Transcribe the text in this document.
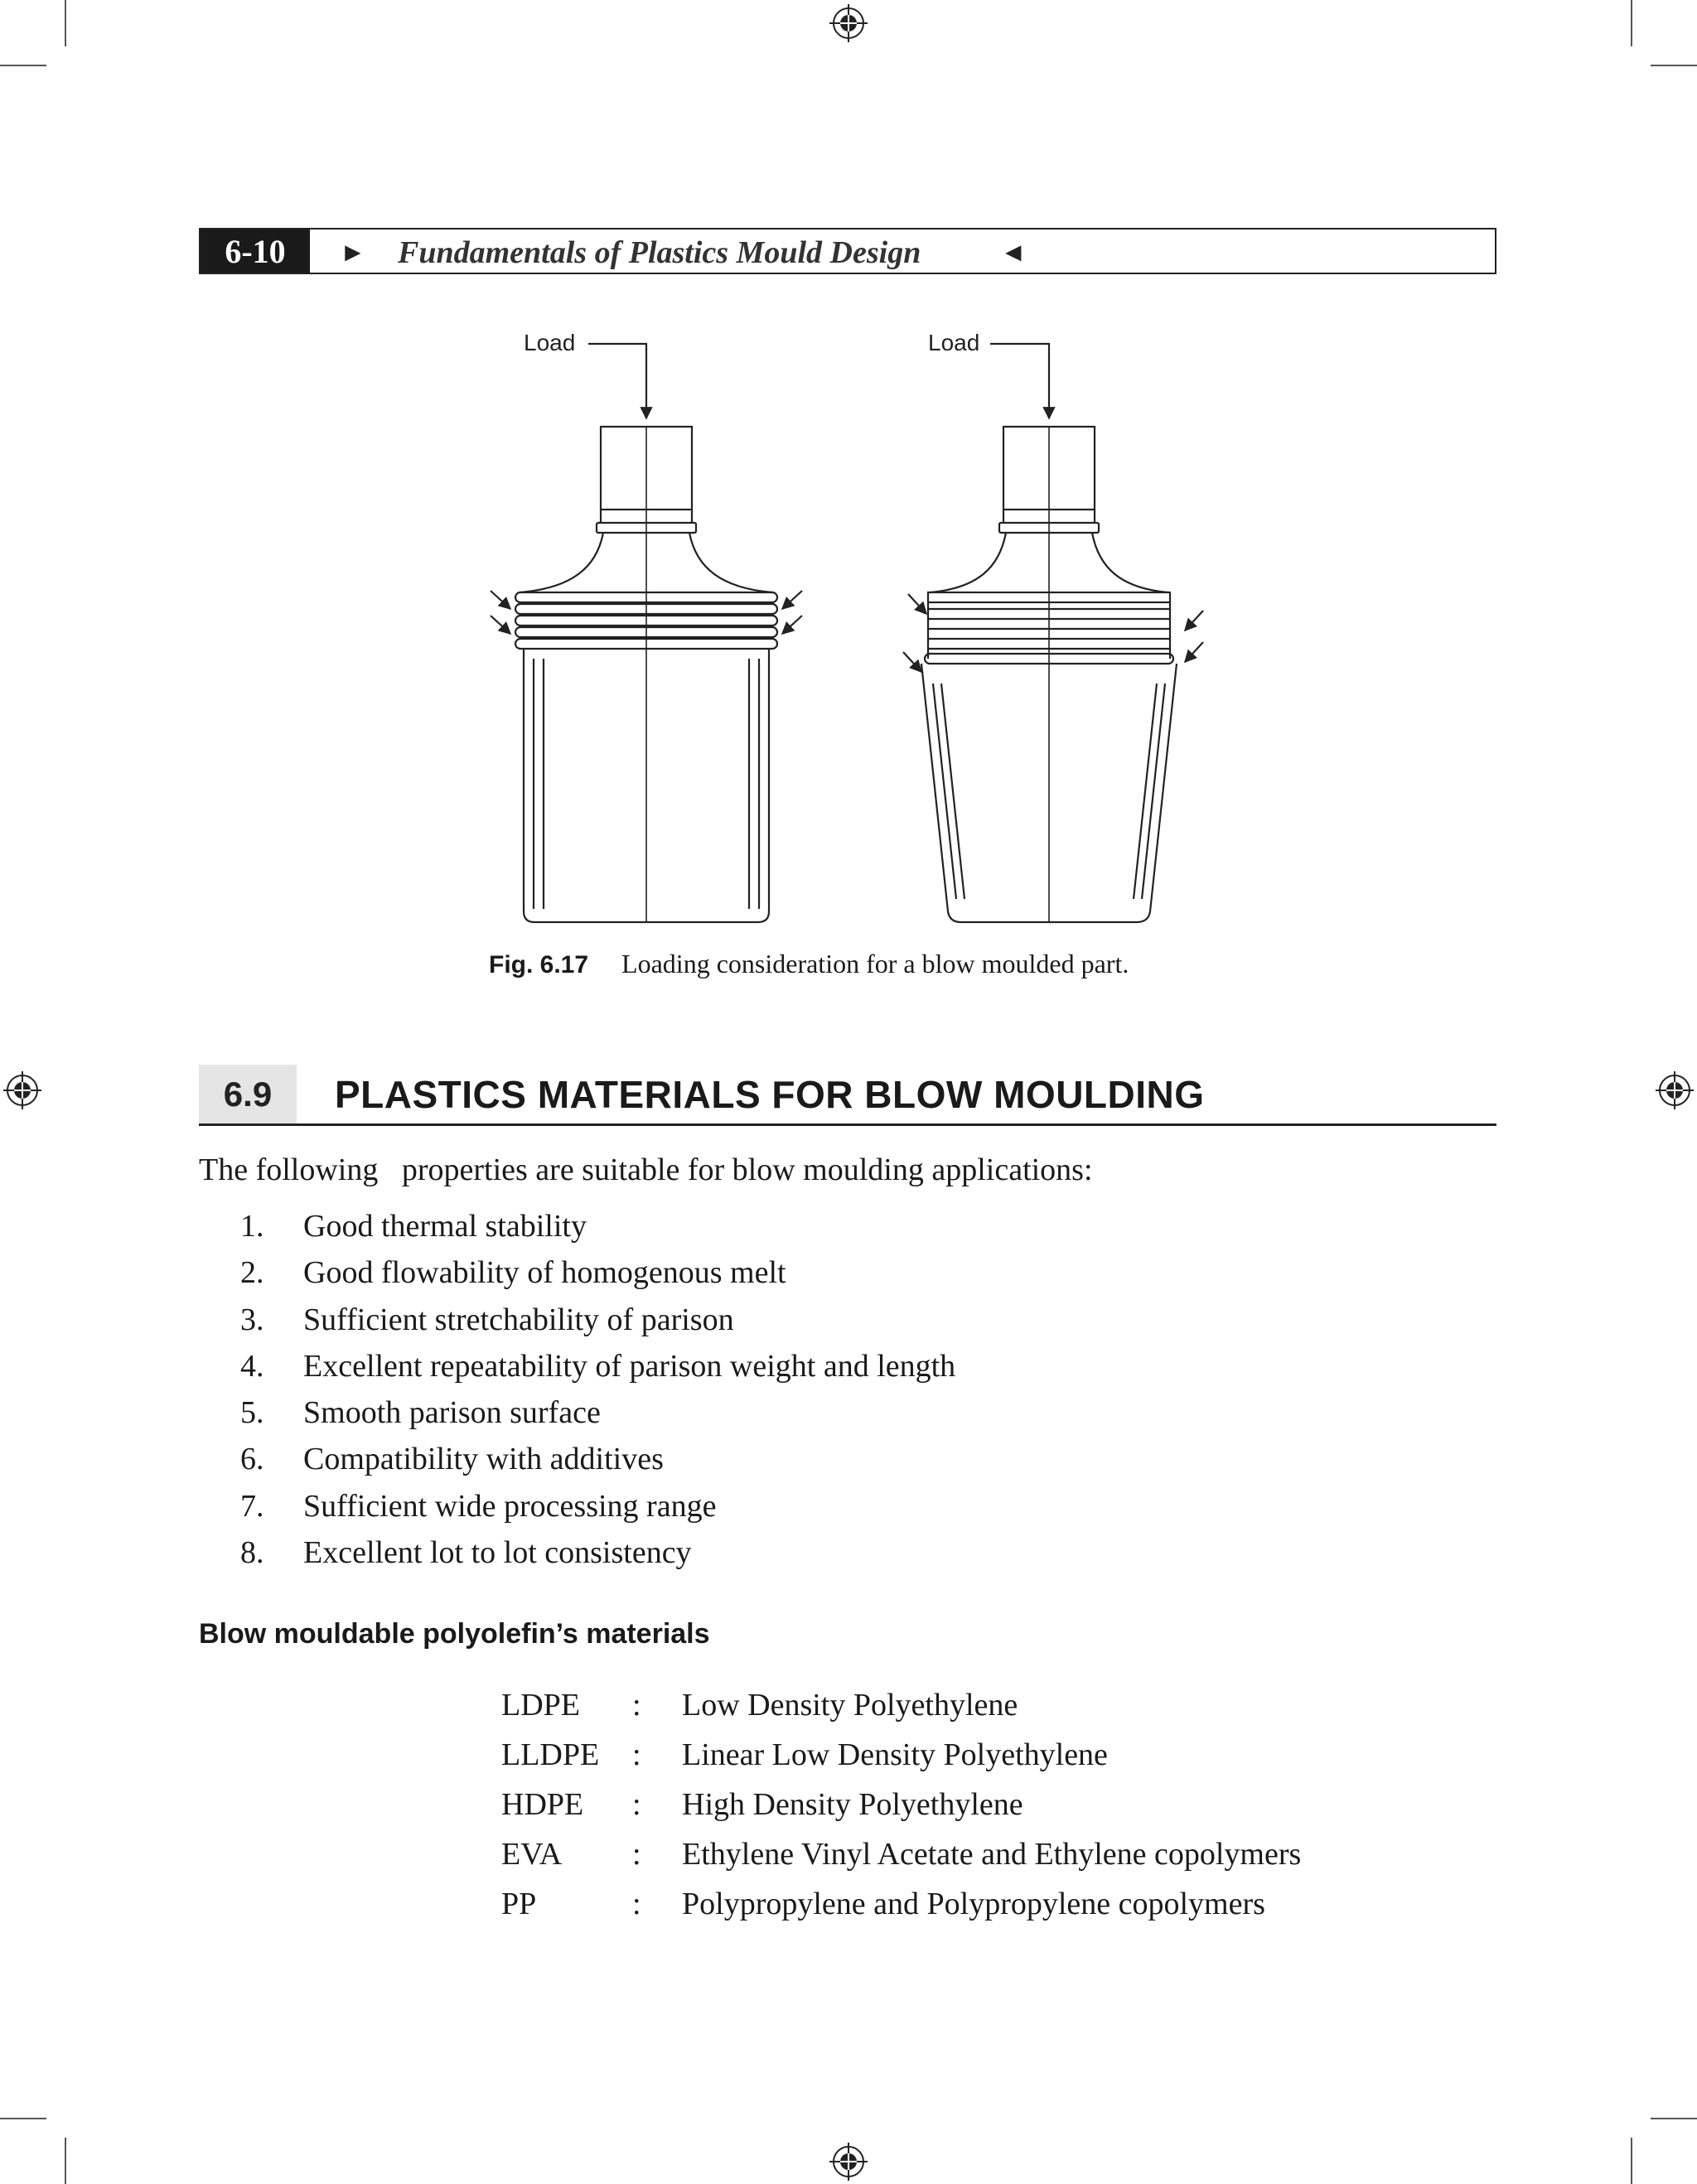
6-10	► Fundamentals of Plastics Mould Design	◄
Load	Load
Fig. 6.17 Loading consideration for a blow moulded part.
6.9	PLASTICS MATERIALS FOR BLOW MOULDING
The following   properties are suitable for blow moulding applications:
1. Good thermal stability
2. Good flowability of homogenous melt
3. Sufficient stretchability of parison
4. Excellent repeatability of parison weight and length
5. Smooth parison surface
6. Compatibility with additives
7. Sufficient wide processing range
8. Excellent lot to lot consistency
Blow mouldable polyolefin’s materials
LDPE : Low Density Polyethylene
LLDPE : Linear Low Density Polyethylene
HDPE : High Density Polyethylene
EVA : Ethylene Vinyl Acetate and Ethylene copolymers
PP	: Polypropylene and Polypropylene copolymers
